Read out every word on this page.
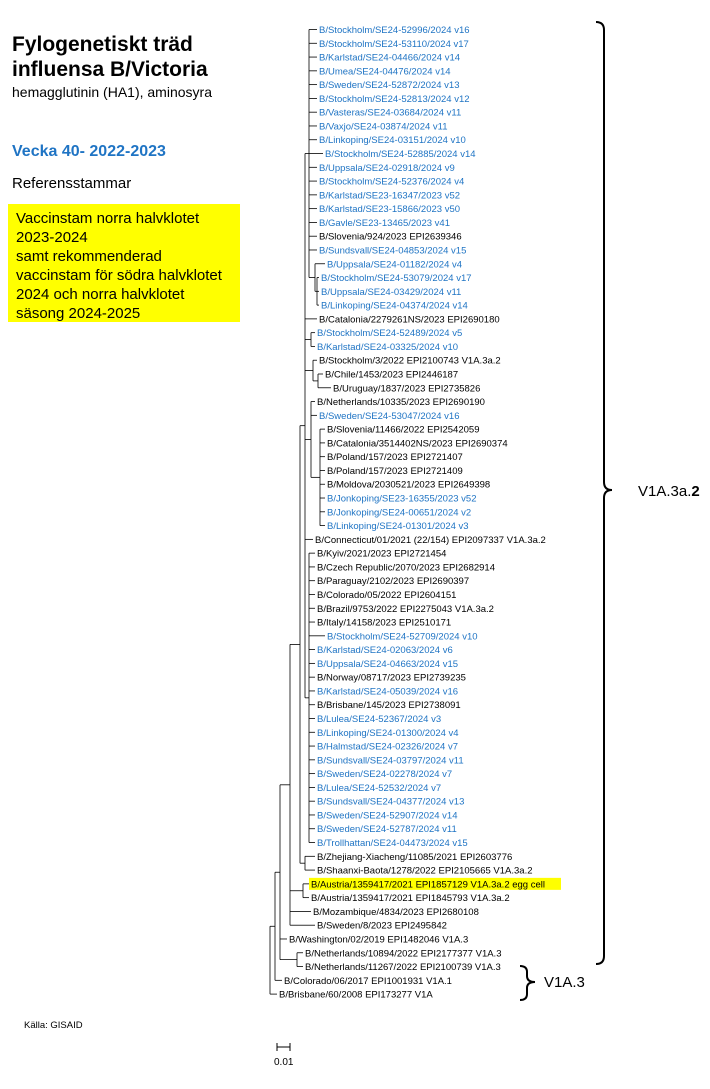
Fylogenetiskt träd
influensa B/Victoria
hemagglutinin (HA1), aminosyra
Vecka 40- 2022-2023
Referensstammar
Vaccinstam norra halvklotet
2023-2024
samt rekommenderad
vaccinstam för södra halvklotet
2024 och norra halvklotet
säsong 2024-2025
Källa: GISAID
0.01
B/Stockholm/SE24-52996/2024 v16
B/Stockholm/SE24-53110/2024 v17
B/Karlstad/SE24-04466/2024 v14
B/Umea/SE24-04476/2024 v14
B/Sweden/SE24-52872/2024 v13
B/Stockholm/SE24-52813/2024 v12
B/Vasteras/SE24-03684/2024 v11
B/Vaxjo/SE24-03874/2024 v11
B/Linkoping/SE24-03151/2024 v10
B/Stockholm/SE24-52885/2024 v14
B/Uppsala/SE24-02918/2024 v9
B/Stockholm/SE24-52376/2024 v4
B/Karlstad/SE23-16347/2023 v52
B/Karlstad/SE23-15866/2023 v50
B/Gavle/SE23-13465/2023 v41
B/Slovenia/924/2023 EPI2639346
B/Sundsvall/SE24-04853/2024 v15
B/Uppsala/SE24-01182/2024 v4
B/Stockholm/SE24-53079/2024 v17
B/Uppsala/SE24-03429/2024 v11
B/Linkoping/SE24-04374/2024 v14
B/Catalonia/2279261NS/2023 EPI2690180
B/Stockholm/SE24-52489/2024 v5
B/Karlstad/SE24-03325/2024 v10
B/Stockholm/3/2022 EPI2100743 V1A.3a.2
B/Chile/1453/2023 EPI2446187
B/Uruguay/1837/2023 EPI2735826
B/Netherlands/10335/2023 EPI2690190
B/Sweden/SE24-53047/2024 v16
B/Slovenia/11466/2022 EPI2542059
B/Catalonia/3514402NS/2023 EPI2690374
B/Poland/157/2023 EPI2721407
B/Poland/157/2023 EPI2721409
B/Moldova/2030521/2023 EPI2649398
B/Jonkoping/SE23-16355/2023 v52
B/Jonkoping/SE24-00651/2024 v2
B/Linkoping/SE24-01301/2024 v3
B/Connecticut/01/2021 (22/154) EPI2097337 V1A.3a.2
B/Kyiv/2021/2023 EPI2721454
B/Czech Republic/2070/2023 EPI2682914
B/Paraguay/2102/2023 EPI2690397
B/Colorado/05/2022 EPI2604151
B/Brazil/9753/2022 EPI2275043 V1A.3a.2
B/Italy/14158/2023 EPI2510171
B/Stockholm/SE24-52709/2024 v10
B/Karlstad/SE24-02063/2024 v6
B/Uppsala/SE24-04663/2024 v15
B/Norway/08717/2023 EPI2739235
B/Karlstad/SE24-05039/2024 v16
B/Brisbane/145/2023 EPI2738091
B/Lulea/SE24-52367/2024 v3
B/Linkoping/SE24-01300/2024 v4
B/Halmstad/SE24-02326/2024 v7
B/Sundsvall/SE24-03797/2024 v11
B/Sweden/SE24-02278/2024 v7
B/Lulea/SE24-52532/2024 v7
B/Sundsvall/SE24-04377/2024 v13
B/Sweden/SE24-52907/2024 v14
B/Sweden/SE24-52787/2024 v11
B/Trollhattan/SE24-04473/2024 v15
B/Zhejiang-Xiacheng/11085/2021 EPI2603776
B/Shaanxi-Baota/1278/2022 EPI2105665 V1A.3a.2
B/Austria/1359417/2021 EPI1857129 V1A.3a.2 egg cell
B/Austria/1359417/2021 EPI1845793 V1A.3a.2
B/Mozambique/4834/2023 EPI2680108
B/Sweden/8/2023 EPI2495842
B/Washington/02/2019 EPI1482046 V1A.3
B/Netherlands/10894/2022 EPI2177377 V1A.3
B/Netherlands/11267/2022 EPI2100739 V1A.3
B/Colorado/06/2017 EPI1001931 V1A.1
B/Brisbane/60/2008 EPI173277 V1A
V1A.3a.2
V1A.3
